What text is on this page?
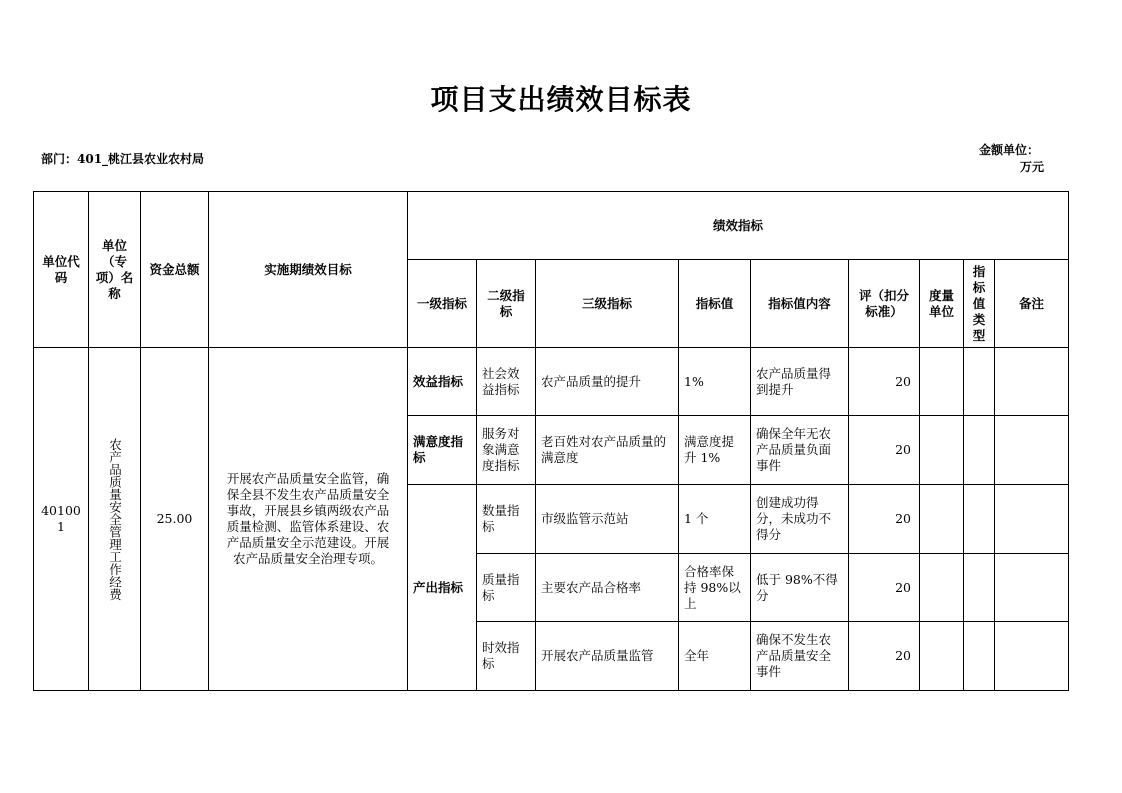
项目支出绩效目标表
部门：401_桃江县农业农村局
金额单位：
万元
单位代码	单位（专项）名称	资金总额	实施期绩效目标	绩效指标								
				一级指标	二级指标	三级指标	指标值	指标值内容	评（扣分标准）	度量单位	指标值类型	备注
401001	农产品质量安全管理工作经费	25.00	开展农产品质量安全监管，确保全县不发生农产品质量安全事故，开展县乡镇两级农产品质量检测、监管体系建设、农产品质量安全示范建设。开展农产品质量安全治理专项。	效益指标	社会效益指标	农产品质量的提升	1%	农产品质量得到提升	20			
				满意度指标	服务对象满意度指标	老百姓对农产品质量的满意度	满意度提升 1%	确保全年无农产品质量负面事件	20			
				产出指标	数量指标	市级监管示范站	1 个	创建成功得分，未成功不得分	20			
					质量指标	主要农产品合格率	合格率保持 98%以上	低于 98%不得分	20			
					时效指标	开展农产品质量监管	全年	确保不发生农产品质量安全事件	20			
